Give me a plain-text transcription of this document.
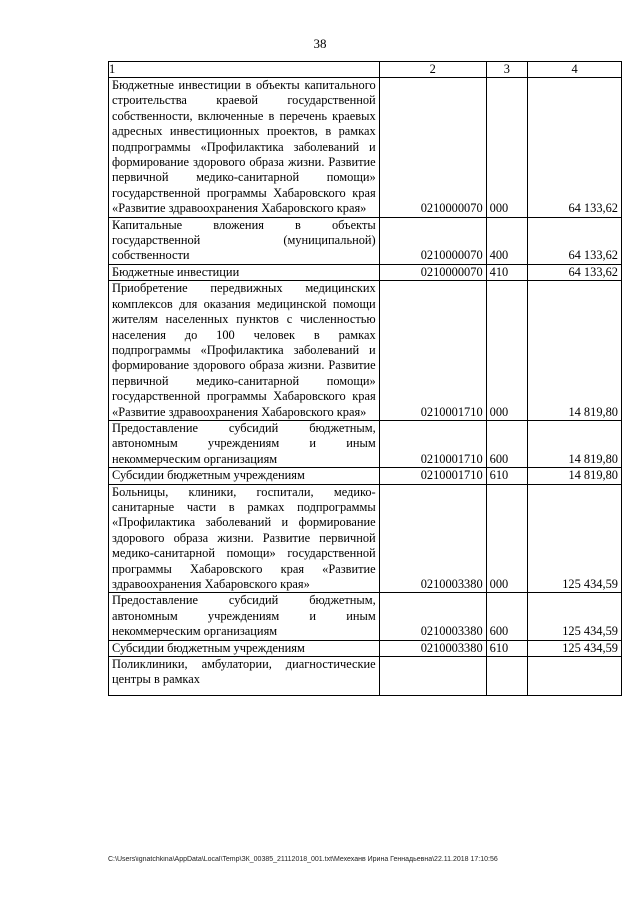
38
1	2	3	4
Бюджетные инвестиции в объекты капитального строительства краевой государственной собственности, включенные в перечень краевых адресных инвестиционных проектов, в рамках подпрограммы «Профилактика заболеваний и формирование здорового образа жизни. Развитие первичной медико-санитарной помощи» государственной программы Хабаровского края «Развитие здравоохранения Хабаровского края»	0210000070	000	64 133,62
Капитальные вложения в объекты государственной (муниципальной) собственности	0210000070	400	64 133,62
Бюджетные инвестиции	0210000070	410	64 133,62
Приобретение передвижных медицинских комплексов для оказания медицинской помощи жителям населенных пунктов с численностью населения до 100 человек в рамках подпрограммы «Профилактика заболеваний и формирование здорового образа жизни. Развитие первичной медико-санитарной помощи» государственной программы Хабаровского края «Развитие здравоохранения Хабаровского края»	0210001710	000	14 819,80
Предоставление субсидий бюджетным, автономным учреждениям и иным некоммерческим организациям	0210001710	600	14 819,80
Субсидии бюджетным учреждениям	0210001710	610	14 819,80
Больницы, клиники, госпитали, медико-санитарные части в рамках подпрограммы «Профилактика заболеваний и формирование здорового образа жизни. Развитие первичной медико-санитарной помощи» государственной программы Хабаровского края «Развитие здравоохранения Хабаровского края»	0210003380	000	125 434,59
Предоставление субсидий бюджетным, автономным учреждениям и иным некоммерческим организациям	0210003380	600	125 434,59
Субсидии бюджетным учреждениям	0210003380	610	125 434,59
Поликлиники, амбулатории, диагностические центры в рамках			
C:\Users\ignatchkina\AppData\Local\Temp\ЗК_00385_21112018_001.txt\Мехеханв Ирина Геннадьевна\22.11.2018 17:10:56
